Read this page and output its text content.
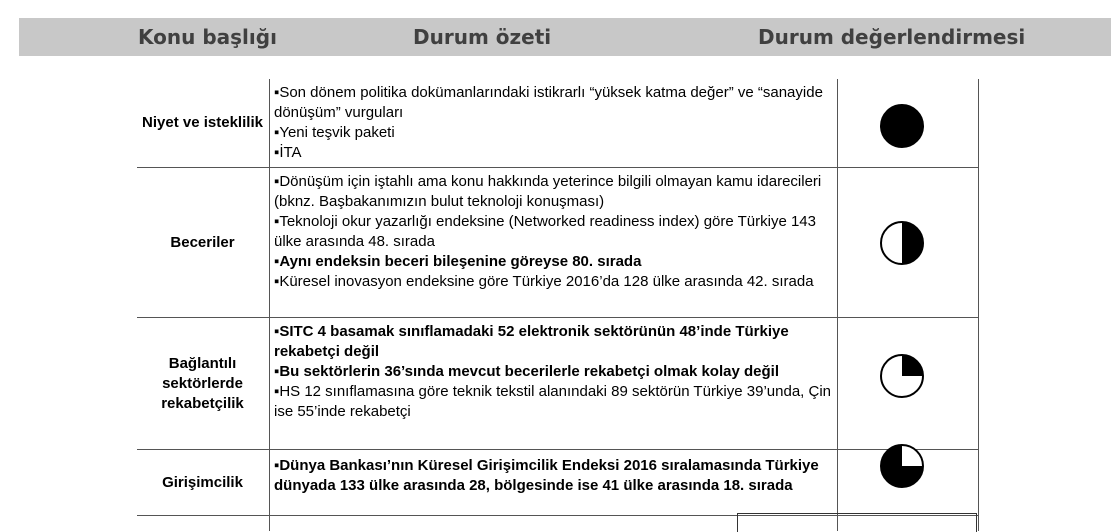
Konu başlığı	Durum özeti	Durum değerlendirmesi
Niyet ve isteklilik

▪Son dönem politika dokümanlarındaki istikrarlı “yüksek katma değer” ve “sanayide dönüşüm” vurguları

▪Yeni teşvik paketi

▪İTA

Beceriler

▪Dönüşüm için iştahlı ama konu hakkında yeterince bilgili olmayan kamu idarecileri (bknz. Başbakanımızın bulut teknoloji konuşması)

▪Teknoloji okur yazarlığı endeksine (Networked readiness index) göre Türkiye 143 ülke arasında 48. sırada

▪Aynı endeksin beceri bileşenine göreyse 80. sırada

▪Küresel inovasyon endeksine göre Türkiye 2016’da 128 ülke arasında 42. sırada

Bağlantılı sektörlerde rekabetçilik

▪SITC 4 basamak sınıflamadaki 52 elektronik sektörünün 48’inde Türkiye rekabetçi değil

▪Bu sektörlerin 36’sında mevcut becerilerle rekabetçi olmak kolay değil

▪HS 12 sınıflamasına göre teknik tekstil alanındaki 89 sektörün Türkiye 39’unda, Çin ise 55’inde rekabetçi

Girişimcilik

▪Dünya Bankası’nın Küresel Girişimcilik Endeksi 2016 sıralamasında Türkiye dünyada 133 ülke arasında 28, bölgesinde ise 41 ülke arasında 18. sırada
